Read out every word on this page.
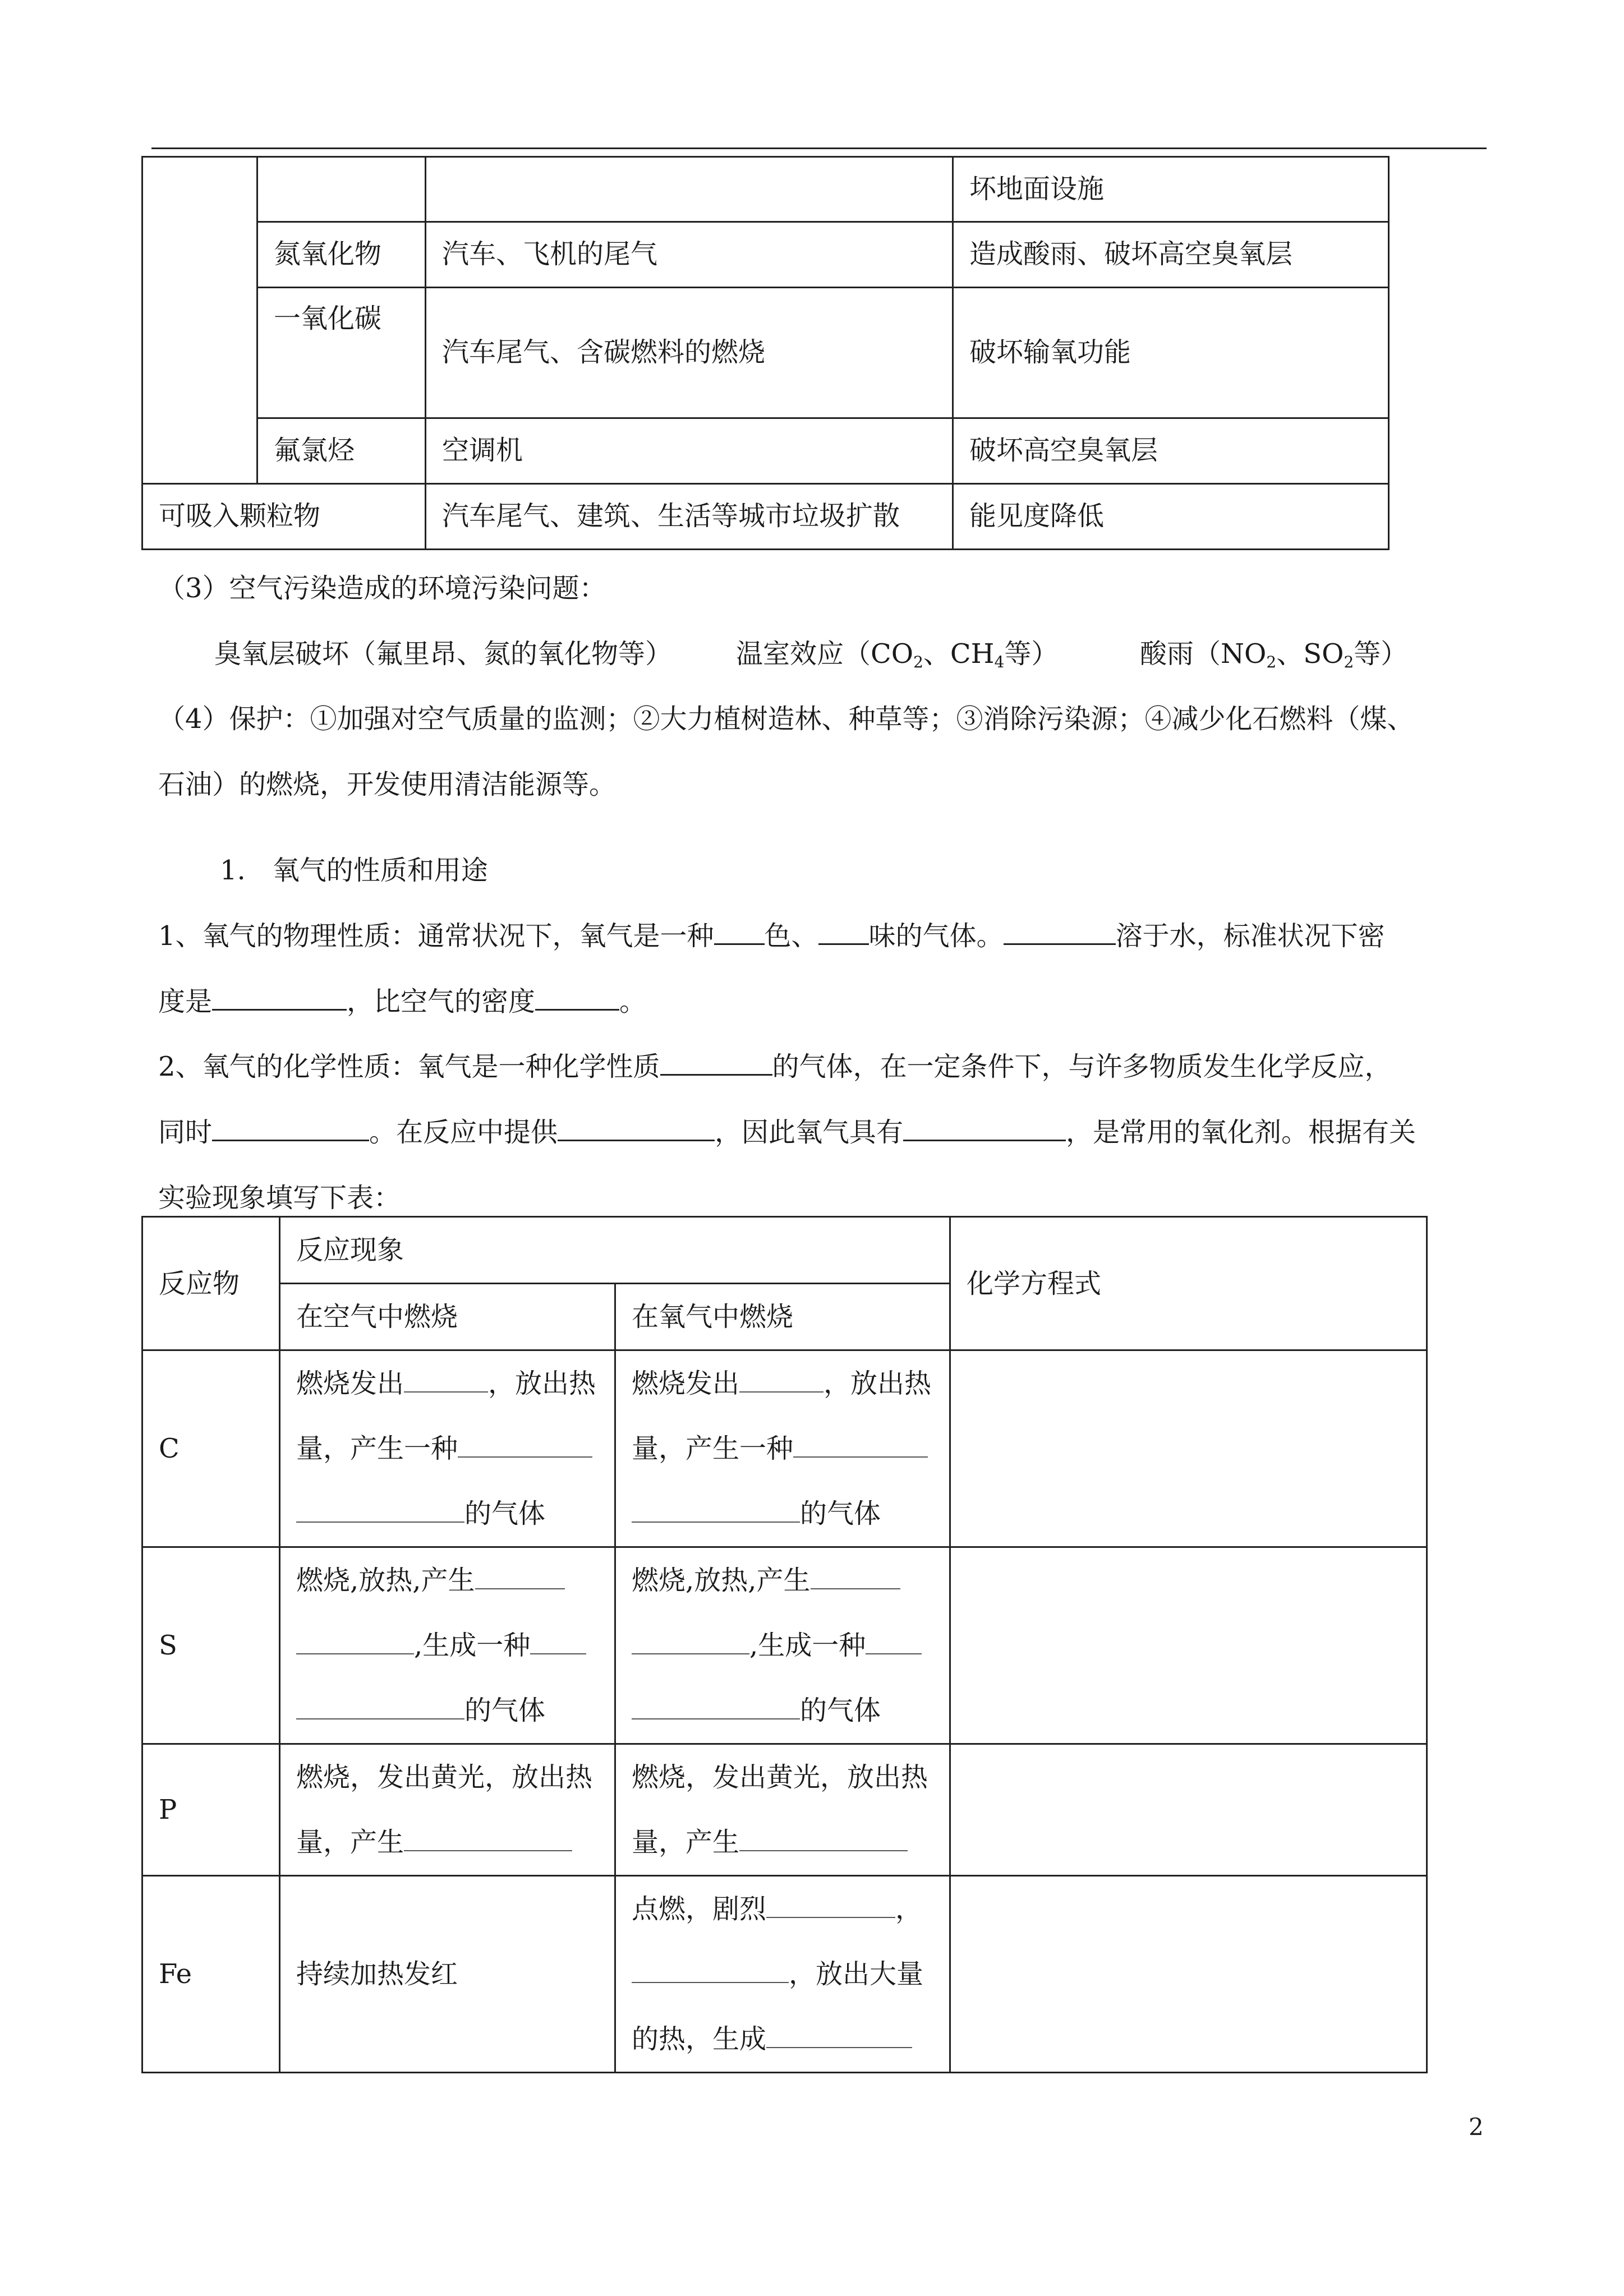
			坏地面设施
	氮氧化物	汽车、飞机的尾气	造成酸雨、破坏高空臭氧层
	一氧化碳	汽车尾气、含碳燃料的燃烧	破坏输氧功能
	氟氯烃	空调机	破坏高空臭氧层
可吸入颗粒物		汽车尾气、建筑、生活等城市垃圾扩散	能见度降低
（3）空气污染造成的环境污染问题：
臭氧层破坏（氟里昂、氮的氧化物等） 温室效应（$CO_2$、$CH_4$等）	酸雨（$NO_2$、$SO_2$等）
（4）保护：①加强对空气质量的监测；②大力植树造林、种草等；③消除污染源；④减少化石燃料（煤、
石油）的燃烧，开发使用清洁能源等。
1.　氧气的性质和用途
1、氧气的物理性质：通常状况下，氧气是一种 色、 味的气体。	溶于水，标准状况下密
度是	，比空气的密度	。
2、氧气的化学性质：氧气是一种化学性质	的气体，在一定条件下，与许多物质发生化学反应，
同时	。在反应中提供	，因此氧气具有	，是常用的氧化剂。根据有关
实验现象填写下表：
反应物	反应现象		化学方程式
	在空气中燃烧	在氧气中燃烧	
C	燃烧发出 ，放出热
量，产生一种
的气体	燃烧发出 ，放出热
量，产生一种
的气体	
S	燃烧,放热,产生
,生成一种
的气体	燃烧,放热,产生
,生成一种
的气体	
P	燃烧，发出黄光，放出热
量，产生	燃烧，发出黄光，放出热
量，产生	
Fe	持续加热发红	点燃，剧烈 ，
，放出大量
的热，生成	
2
